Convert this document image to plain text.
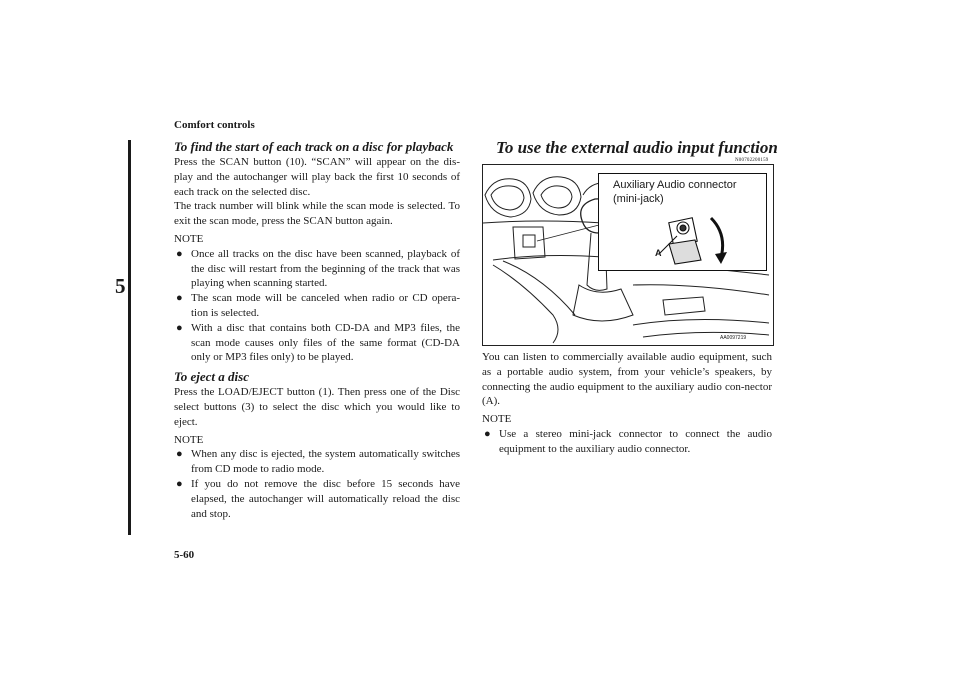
Comfort controls
5
5-60
To find the start of each track on a disc for playback

Press the SCAN button (10). “SCAN” will appear on the dis-play and the autochanger will play back the first 10 seconds of each track on the selected disc.

The track number will blink while the scan mode is selected. To exit the scan mode, press the SCAN button again.

NOTE
● Once all tracks on the disc have been scanned, playback of the disc will restart from the beginning of the track that was playing when scanning started.
● The scan mode will be canceled when radio or CD opera-tion is selected.
● With a disc that contains both CD-DA and MP3 files, the scan mode causes only files of the same format (CD-DA only or MP3 files only) to be played.
To eject a disc

Press the LOAD/EJECT button (1). Then press one of the Disc select buttons (3) to select the disc which you would like to eject.

NOTE
● When any disc is ejected, the system automatically switches from CD mode to radio mode.
● If you do not remove the disc before 15 seconds have elapsed, the autochanger will automatically reload the disc and stop.
To use the external audio input function
N00702200159
Auxiliary Audio connector
(mini-jack)
A
AA0097219

You can listen to commercially available audio equipment, such as a portable audio system, from your vehicle’s speakers, by connecting the audio equipment to the auxiliary audio con-nector (A).

NOTE
● Use a stereo mini-jack connector to connect the audio equipment to the auxiliary audio connector.
